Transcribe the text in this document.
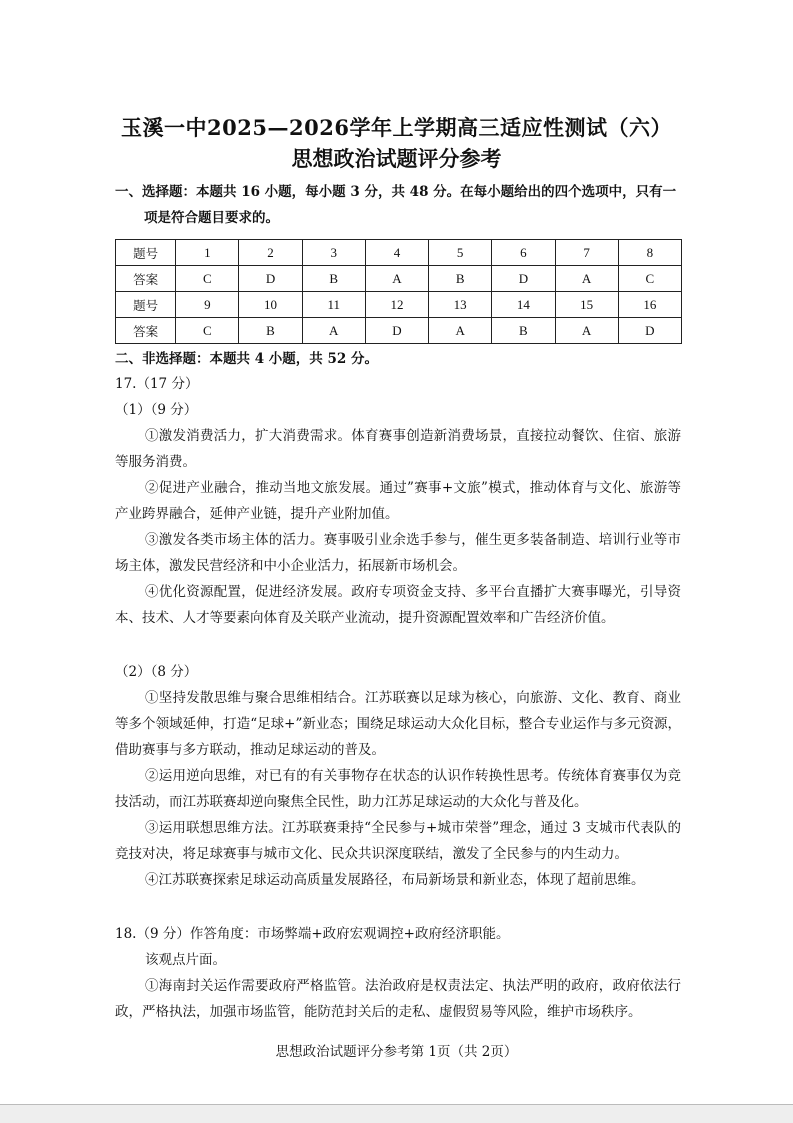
玉溪一中2025—2026学年上学期高三适应性测试（六）
思想政治试题评分参考
一、选择题：本题共 16 小题，每小题 3 分，共 48 分。在每小题给出的四个选项中，只有一
项是符合题目要求的。
题号	1	2	3	4	5	6	7	8
答案	C	D	B	A	B	D	A	C
题号	9	10	11	12	13	14	15	16
答案	C	B	A	D	A	B	A	D
二、非选择题：本题共 4 小题，共 52 分。

17.（17 分）

（1）（9 分）

①激发消费活力，扩大消费需求。体育赛事创造新消费场景，直接拉动餐饮、住宿、旅游等服务消费。

②促进产业融合，推动当地文旅发展。通过”赛事+文旅”模式，推动体育与文化、旅游等产业跨界融合，延伸产业链，提升产业附加值。

③激发各类市场主体的活力。赛事吸引业余选手参与，催生更多装备制造、培训行业等市场主体，激发民营经济和中小企业活力，拓展新市场机会。

④优化资源配置，促进经济发展。政府专项资金支持、多平台直播扩大赛事曝光，引导资本、技术、人才等要素向体育及关联产业流动，提升资源配置效率和广告经济价值。

（2）（8 分）

①坚持发散思维与聚合思维相结合。江苏联赛以足球为核心，向旅游、文化、教育、商业等多个领域延伸，打造“足球+”新业态；围绕足球运动大众化目标，整合专业运作与多元资源，借助赛事与多方联动，推动足球运动的普及。

②运用逆向思维，对已有的有关事物存在状态的认识作转换性思考。传统体育赛事仅为竞技活动，而江苏联赛却逆向聚焦全民性，助力江苏足球运动的大众化与普及化。

③运用联想思维方法。江苏联赛秉持“全民参与+城市荣誉”理念，通过 3 支城市代表队的竞技对决，将足球赛事与城市文化、民众共识深度联结，激发了全民参与的内生动力。

④江苏联赛探索足球运动高质量发展路径，布局新场景和新业态，体现了超前思维。

18.（9 分）作答角度：市场弊端+政府宏观调控+政府经济职能。

该观点片面。

①海南封关运作需要政府严格监管。法治政府是权责法定、执法严明的政府，政府依法行政，严格执法，加强市场监管，能防范封关后的走私、虚假贸易等风险，维护市场秩序。

思想政治试题评分参考第 1页（共 2页）
